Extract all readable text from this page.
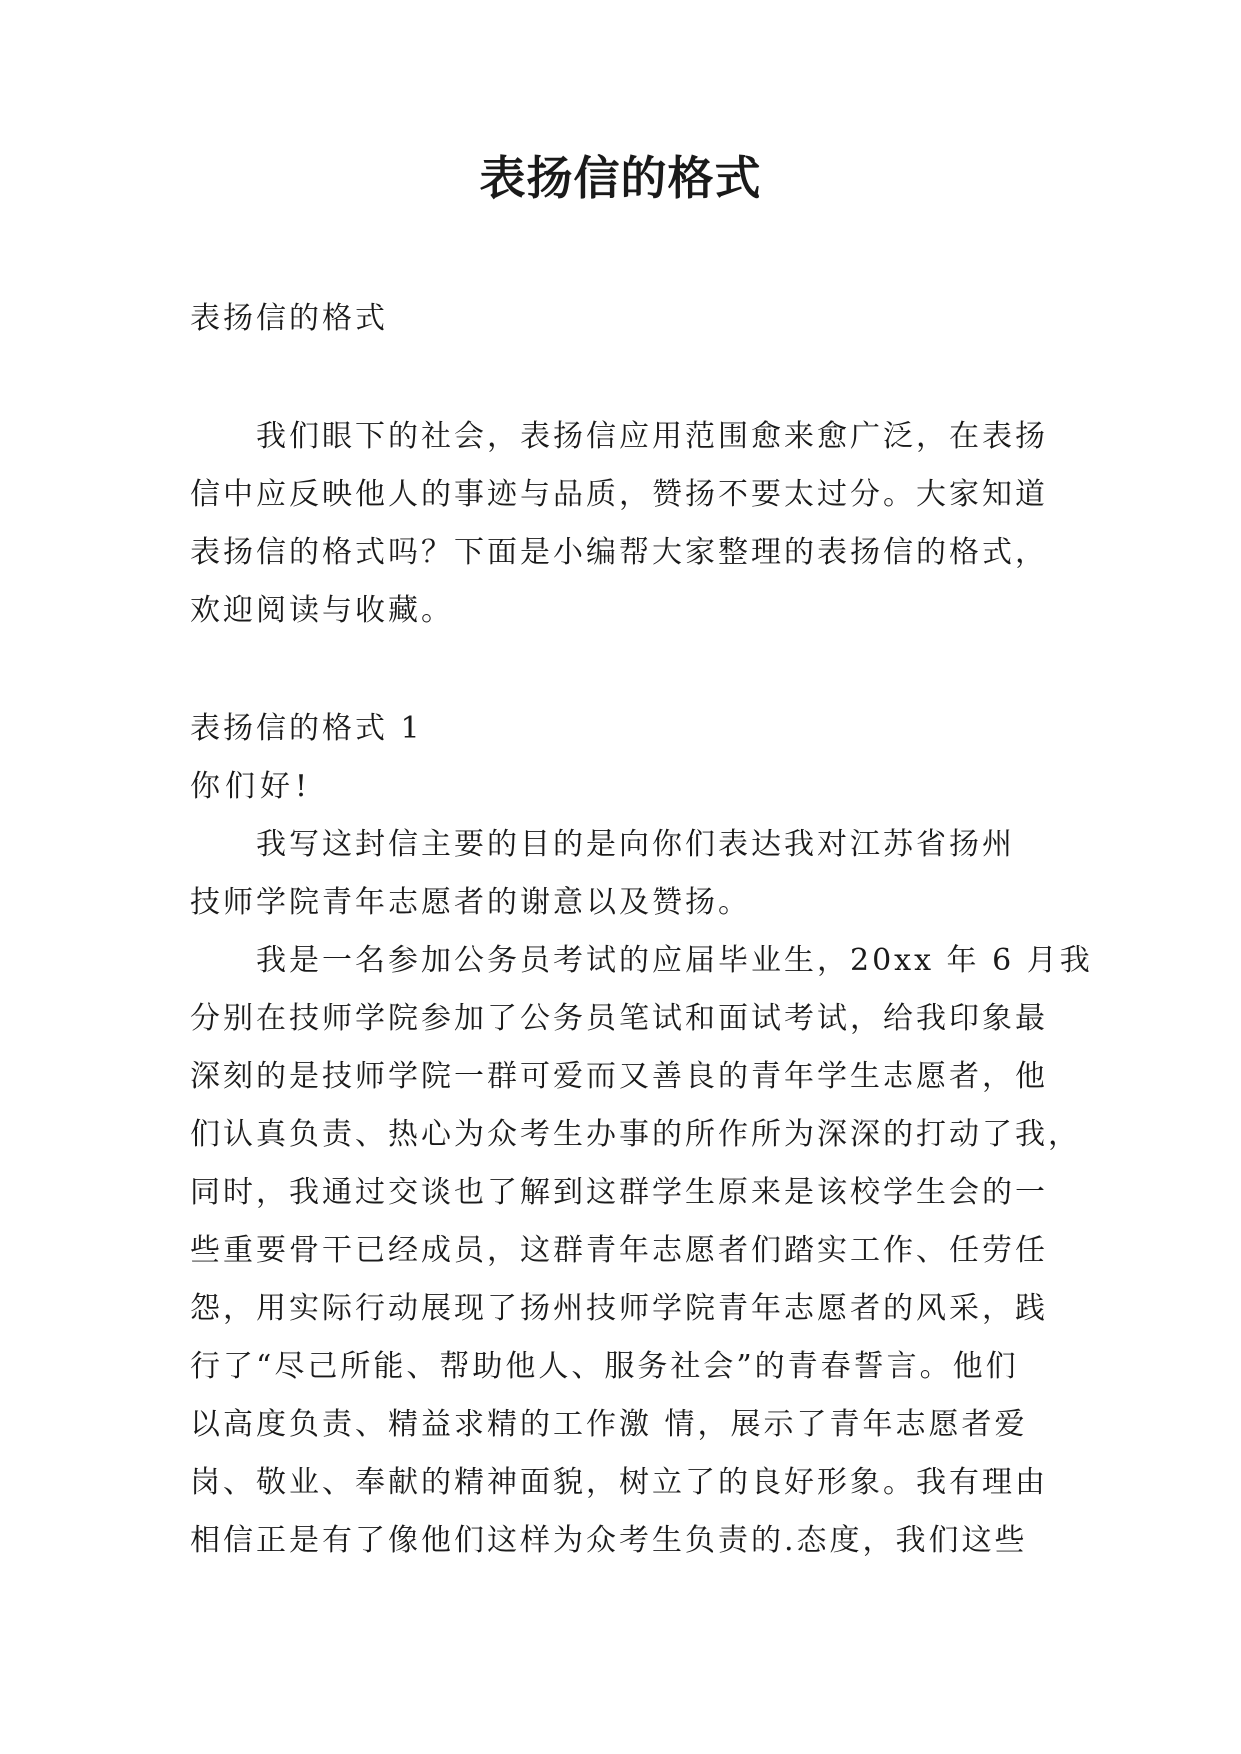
表扬信的格式

表扬信的格式

我们眼下的社会，表扬信应用范围愈来愈广泛，在表扬

信中应反映他人的事迹与品质，赞扬不要太过分。大家知道

表扬信的格式吗？下面是小编帮大家整理的表扬信的格式，

欢迎阅读与收藏。

表扬信的格式 1

你们好!

我写这封信主要的目的是向你们表达我对江苏省扬州

技师学院青年志愿者的谢意以及赞扬。

我是一名参加公务员考试的应届毕业生，20xx 年 6 月我

分别在技师学院参加了公务员笔试和面试考试，给我印象最

深刻的是技师学院一群可爱而又善良的青年学生志愿者，他

们认真负责、热心为众考生办事的所作所为深深的打动了我，

同时，我通过交谈也了解到这群学生原来是该校学生会的一

些重要骨干已经成员，这群青年志愿者们踏实工作、任劳任

怨，用实际行动展现了扬州技师学院青年志愿者的风采，践

行了“尽己所能、帮助他人、服务社会”的青春誓言。他们

以高度负责、精益求精的工作激 情，展示了青年志愿者爱

岗、敬业、奉献的精神面貌，树立了的良好形象。我有理由

相信正是有了像他们这样为众考生负责的.态度，我们这些
